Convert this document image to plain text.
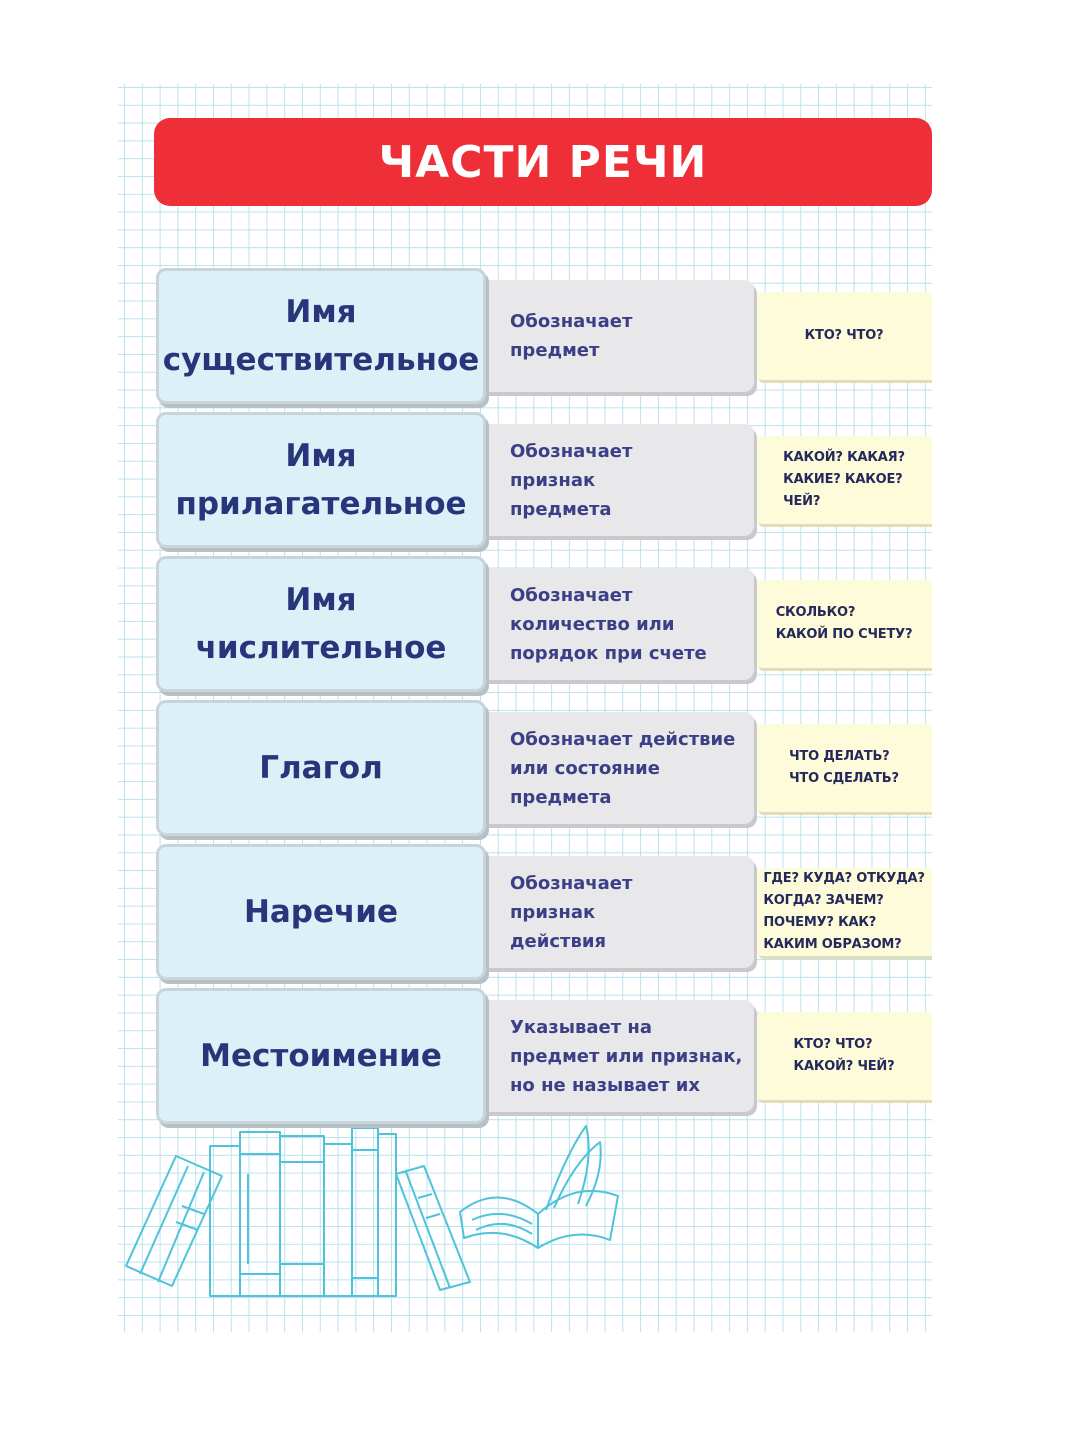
ЧАСТИ РЕЧИ
Имя
существительное
Обозначает
предмет
КТО? ЧТО?
Имя
прилагательное
Обозначает
признак
предмета
КАКОЙ? КАКАЯ?
КАКИЕ? КАКОЕ?
ЧЕЙ?
Имя
числительное
Обозначает
количество или
порядок при счете
СКОЛЬКО?
КАКОЙ ПО СЧЕТУ?
Глагол
Обозначает действие
или состояние
предмета
ЧТО ДЕЛАТЬ?
ЧТО СДЕЛАТЬ?
Наречие
Обозначает
признак
действия
ГДЕ? КУДА? ОТКУДА?
КОГДА? ЗАЧЕМ?
ПОЧЕМУ? КАК?
КАКИМ ОБРАЗОМ?
Местоимение
Указывает на
предмет или признак,
но не называет их
КТО? ЧТО?
КАКОЙ? ЧЕЙ?
